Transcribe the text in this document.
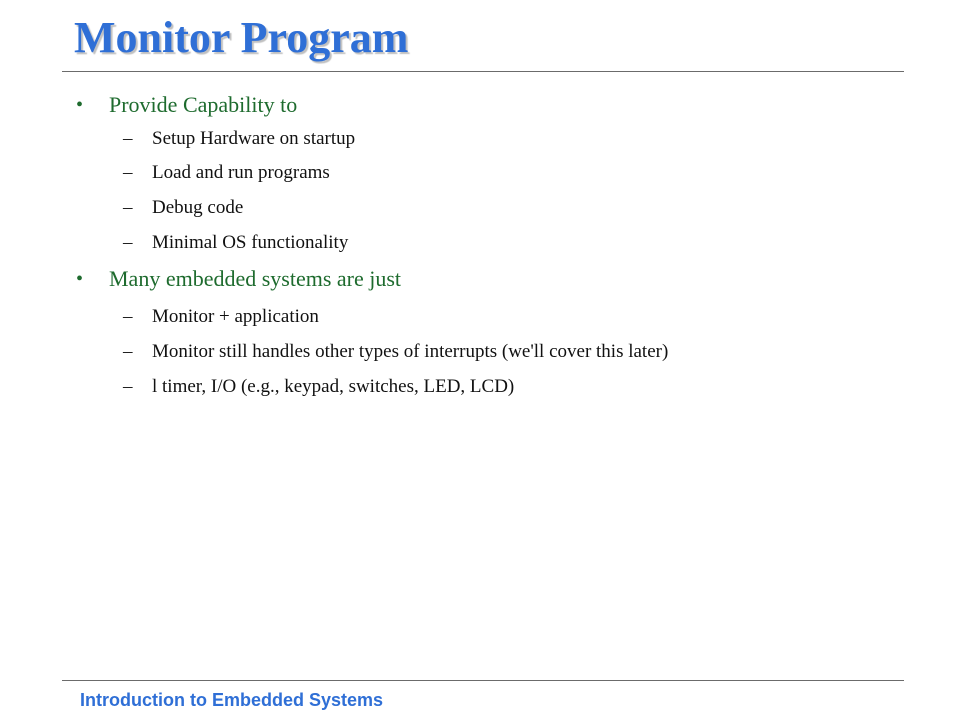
Monitor Program
•	Provide Capability to
– Setup Hardware on startup
– Load and run programs
– Debug code
– Minimal OS functionality
•	Many embedded systems are just
– Monitor + application
– Monitor still handles other types of interrupts (we'll cover this later)
– l timer, I/O (e.g., keypad, switches, LED, LCD)
Introduction to Embedded Systems
